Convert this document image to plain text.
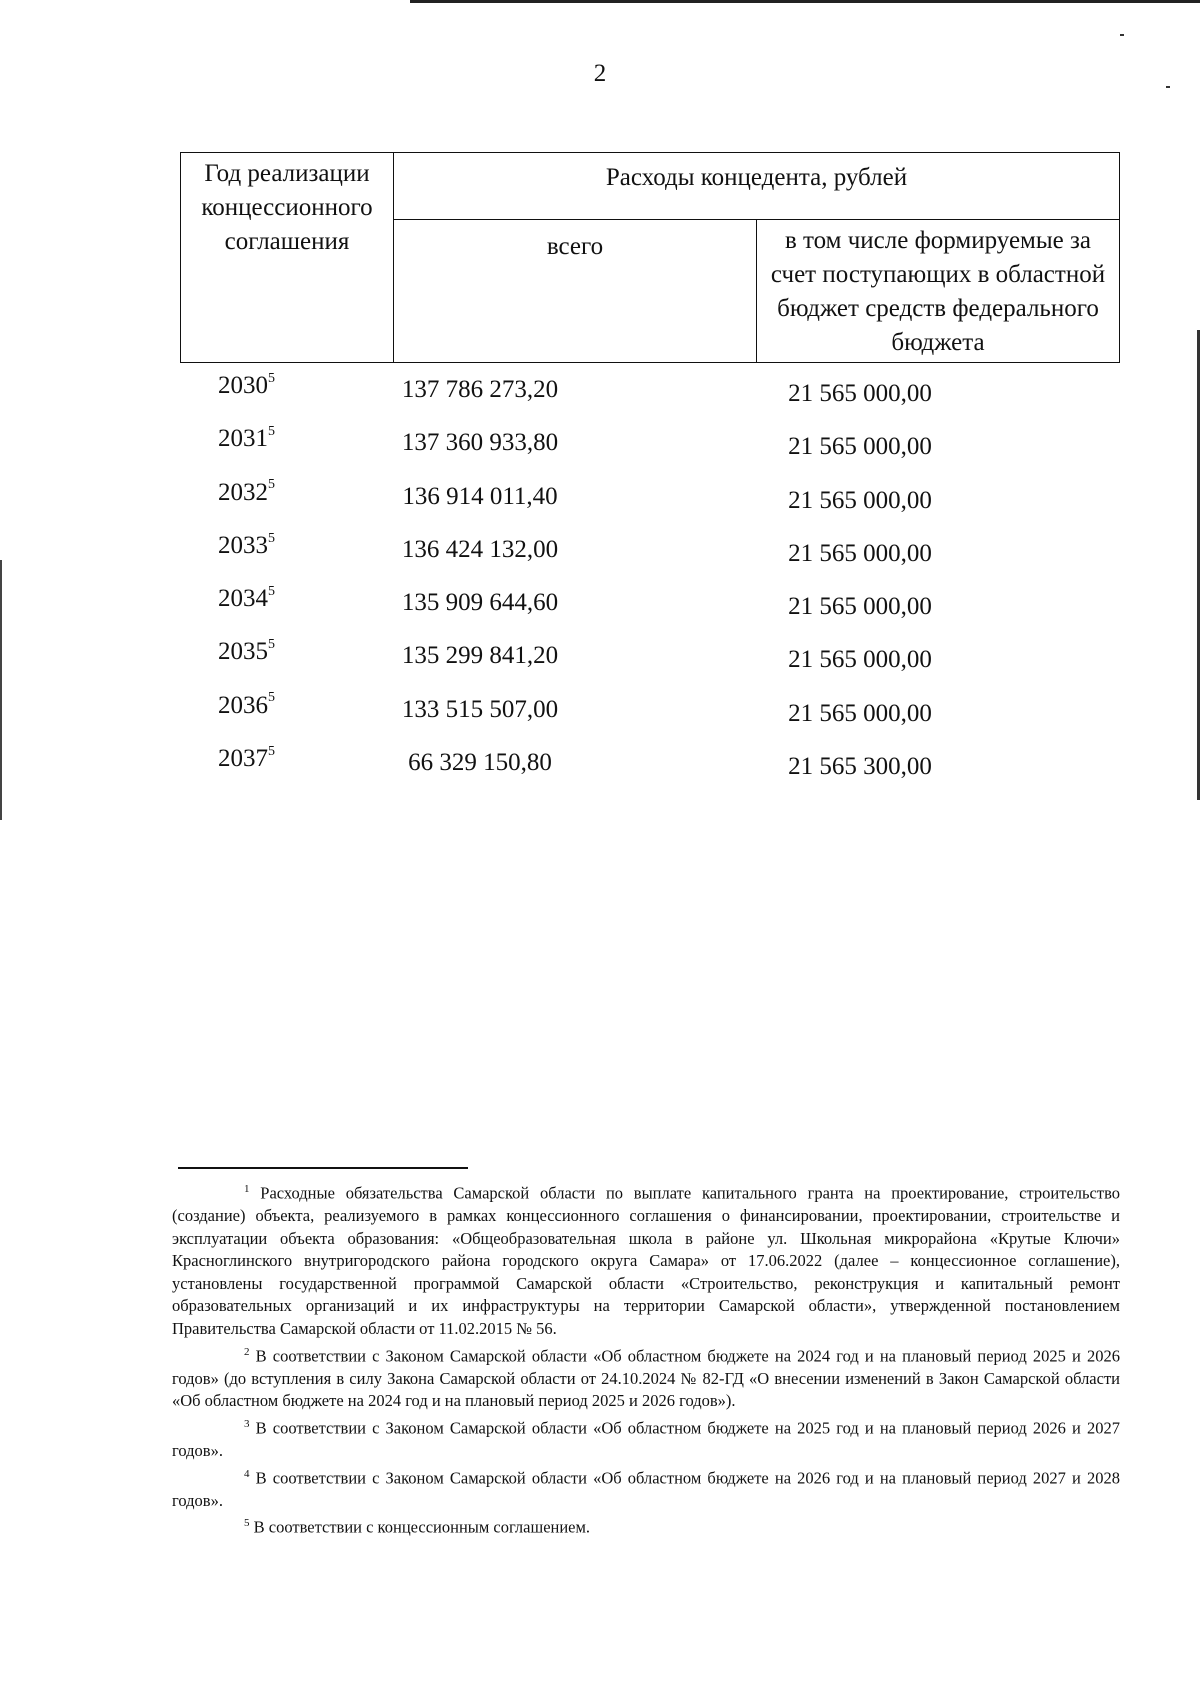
2
Год реализации концессионного соглашения	Расходы концедента, рублей	
	всего	в том числе формируемые за счет поступающих в областной бюджет средств федерального бюджета
2030$^5$	137 786 273,20	21 565 000,00
2031$^5$	137 360 933,80	21 565 000,00
2032$^5$	136 914 011,40	21 565 000,00
2033$^5$	136 424 132,00	21 565 000,00
2034$^5$	135 909 644,60	21 565 000,00
2035$^5$	135 299 841,20	21 565 000,00
2036$^5$	133 515 507,00	21 565 000,00
2037$^5$	66 329 150,80	21 565 300,00

$^1$ Расходные обязательства Самарской области по выплате капитального гранта на проектирование, строительство (создание) объекта, реализуемого в рамках концессионного соглашения о финансировании, проектировании, строительстве и эксплуатации объекта образования: «Общеобразовательная школа в районе ул. Школьная микрорайона «Крутые Ключи» Красноглинского внутригородского района городского округа Самара» от 17.06.2022 (далее – концессионное соглашение), установлены государственной программой Самарской области «Строительство, реконструкция и капитальный ремонт образовательных организаций и их инфраструктуры на территории Самарской области», утвержденной постановлением Правительства Самарской области от 11.02.2015 № 56.

$^2$ В соответствии с Законом Самарской области «Об областном бюджете на 2024 год и на плановый период 2025 и 2026 годов» (до вступления в силу Закона Самарской области от 24.10.2024 № 82-ГД «О внесении изменений в Закон Самарской области «Об областном бюджете на 2024 год и на плановый период 2025 и 2026 годов»).

$^3$ В соответствии с Законом Самарской области «Об областном бюджете на 2025 год и на плановый период 2026 и 2027 годов».

$^4$ В соответствии с Законом Самарской области «Об областном бюджете на 2026 год и на плановый период 2027 и 2028 годов».

$^5$ В соответствии с концессионным соглашением.
